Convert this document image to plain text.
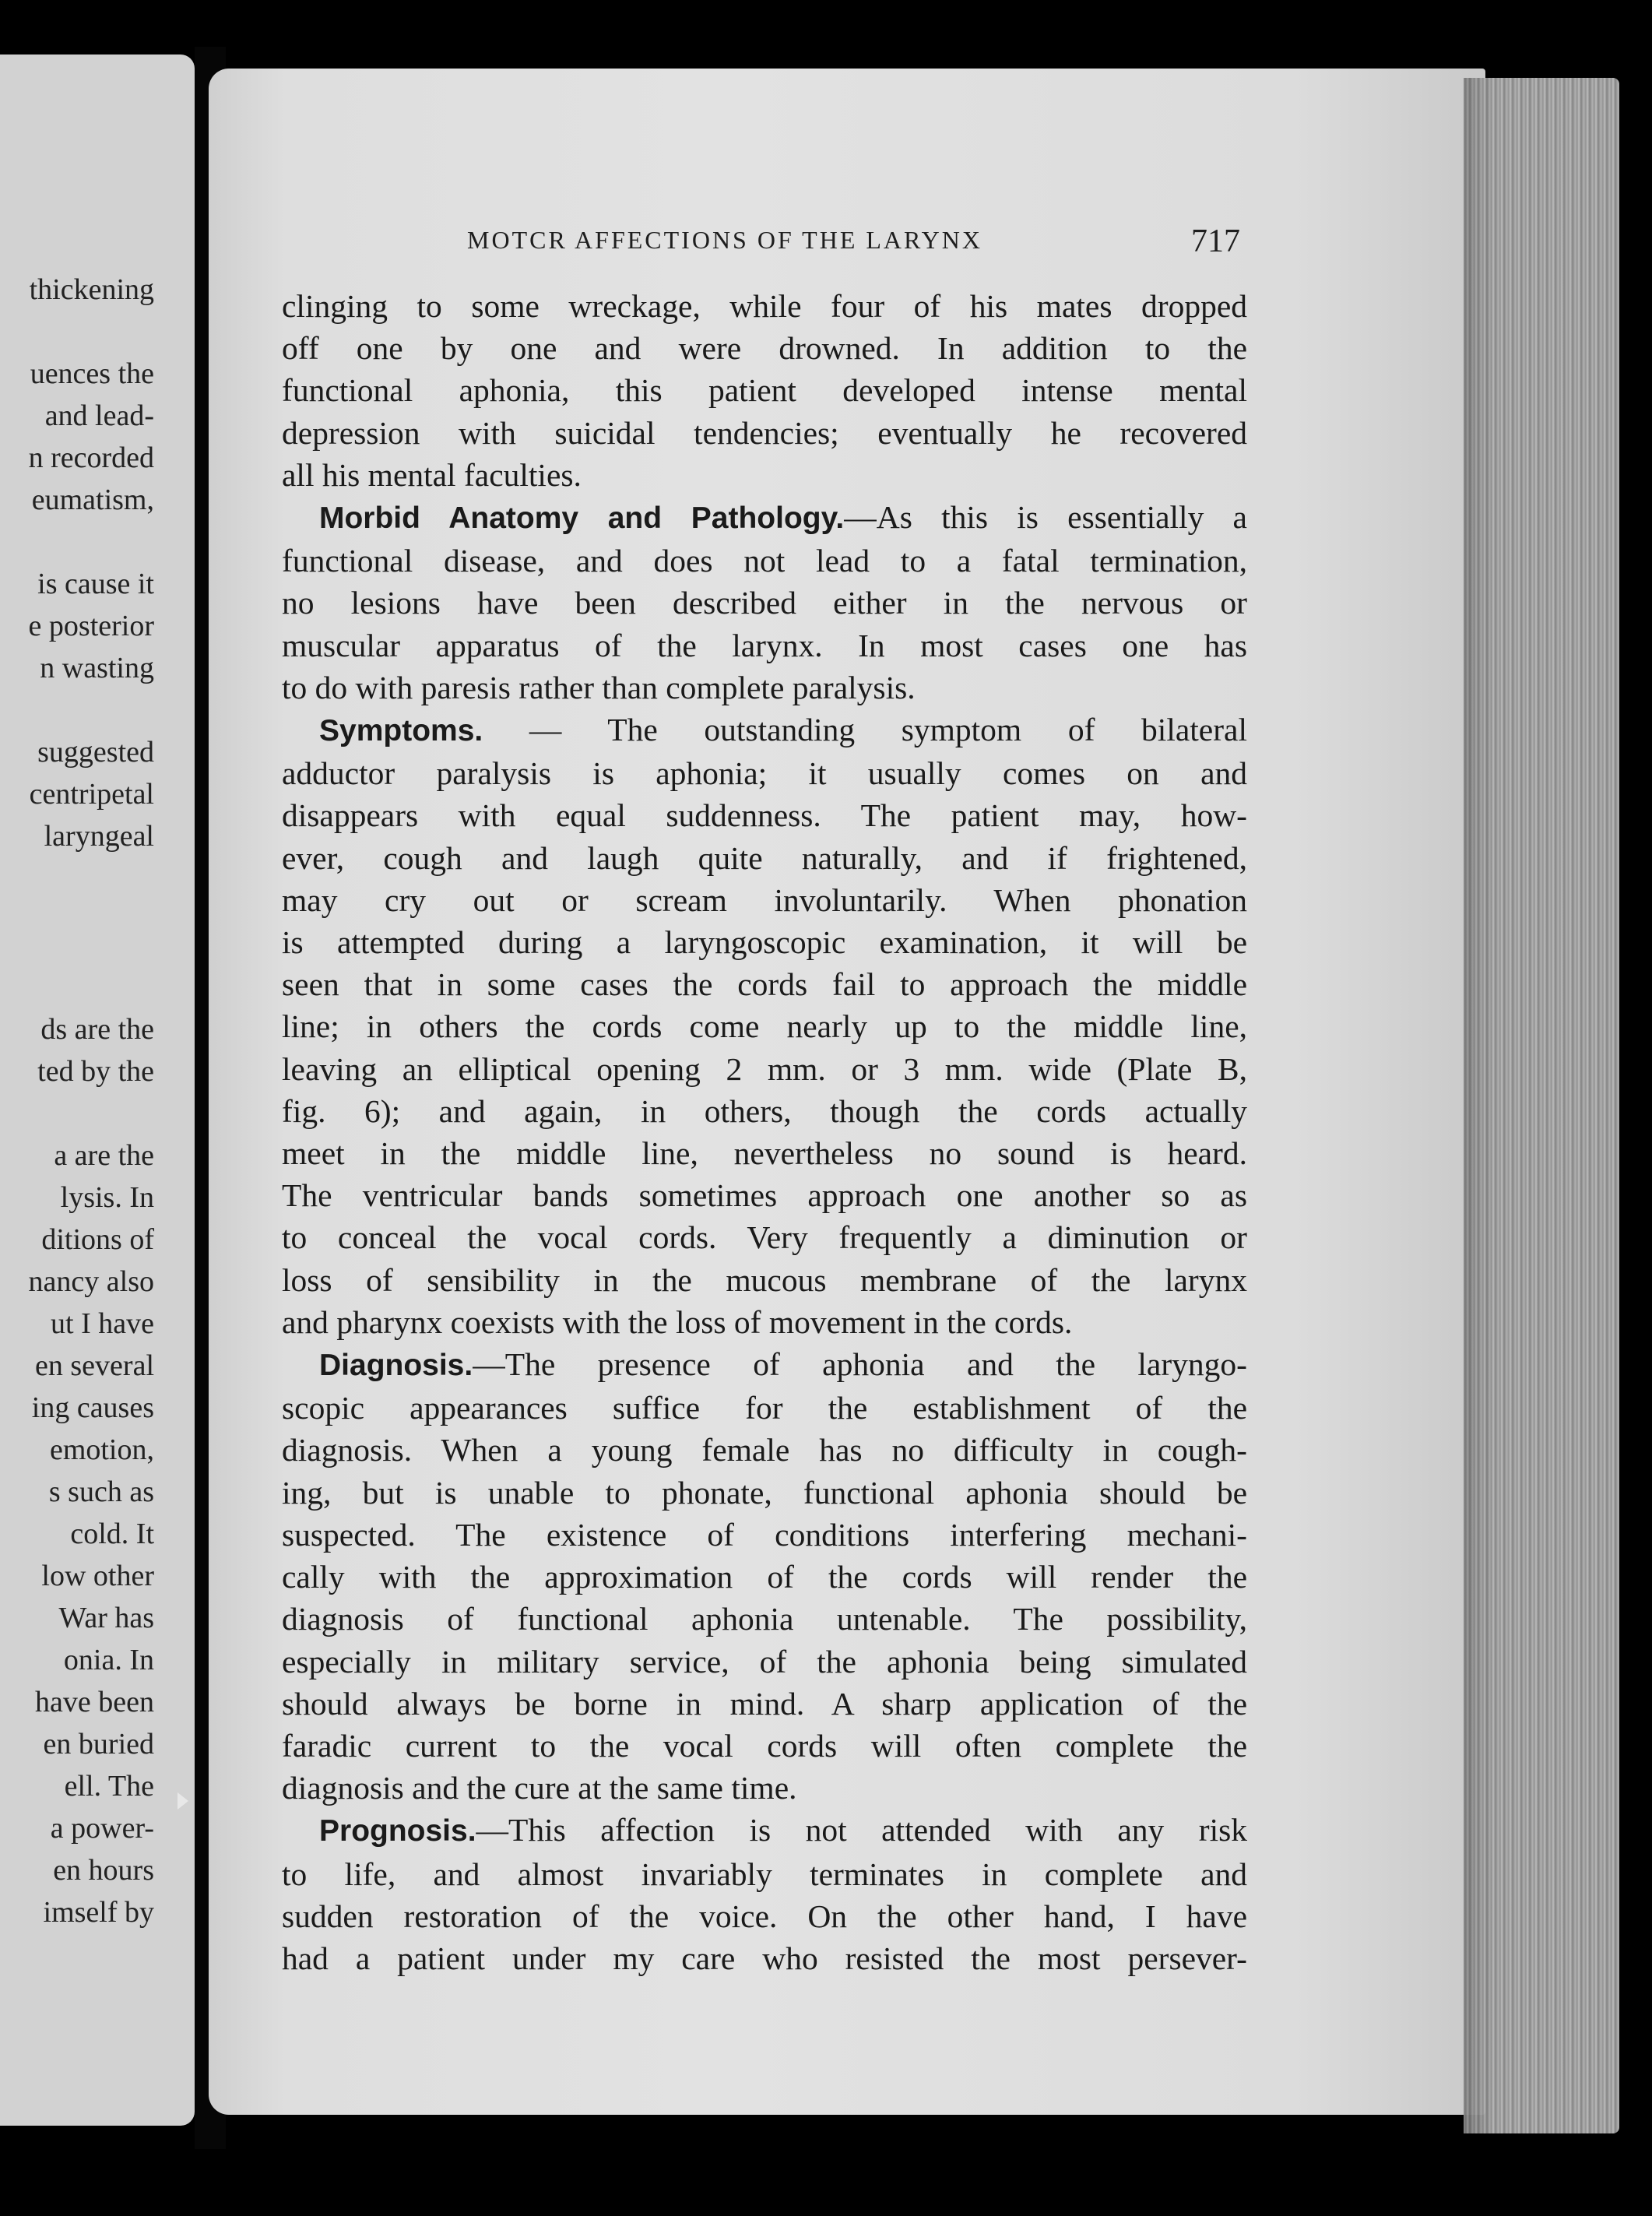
thickening
uences the
and lead-
n recorded
eumatism,
is cause it
e posterior
n wasting
suggested
centripetal
laryngeal
ds are the
ted by the
a are the
lysis. In
ditions of
nancy also
ut I have
en several
ing causes
emotion,
s such as
cold. It
low other
War has
onia. In
have been
en buried
ell. The
a power-
en hours
imself by
MOTCR AFFECTIONS OF THE LARYNX	717
clinging to some wreckage, while four of his mates dropped
off one by one and were drowned. In addition to the
functional aphonia, this patient developed intense mental
depression with suicidal tendencies; eventually he recovered
all his mental faculties.
Morbid Anatomy and Pathology.—As this is essentially a
functional disease, and does not lead to a fatal termination,
no lesions have been described either in the nervous or
muscular apparatus of the larynx. In most cases one has
to do with paresis rather than complete paralysis.
Symptoms. — The outstanding symptom of bilateral
adductor paralysis is aphonia; it usually comes on and
disappears with equal suddenness. The patient may, how-
ever, cough and laugh quite naturally, and if frightened,
may cry out or scream involuntarily. When phonation
is attempted during a laryngoscopic examination, it will be
seen that in some cases the cords fail to approach the middle
line; in others the cords come nearly up to the middle line,
leaving an elliptical opening 2 mm. or 3 mm. wide (Plate B,
fig. 6); and again, in others, though the cords actually
meet in the middle line, nevertheless no sound is heard.
The ventricular bands sometimes approach one another so as
to conceal the vocal cords. Very frequently a diminution or
loss of sensibility in the mucous membrane of the larynx
and pharynx coexists with the loss of movement in the cords.
Diagnosis.—The presence of aphonia and the laryngo-
scopic appearances suffice for the establishment of the
diagnosis. When a young female has no difficulty in cough-
ing, but is unable to phonate, functional aphonia should be
suspected. The existence of conditions interfering mechani-
cally with the approximation of the cords will render the
diagnosis of functional aphonia untenable. The possibility,
especially in military service, of the aphonia being simulated
should always be borne in mind. A sharp application of the
faradic current to the vocal cords will often complete the
diagnosis and the cure at the same time.
Prognosis.—This affection is not attended with any risk
to life, and almost invariably terminates in complete and
sudden restoration of the voice. On the other hand, I have
had a patient under my care who resisted the most persever-
